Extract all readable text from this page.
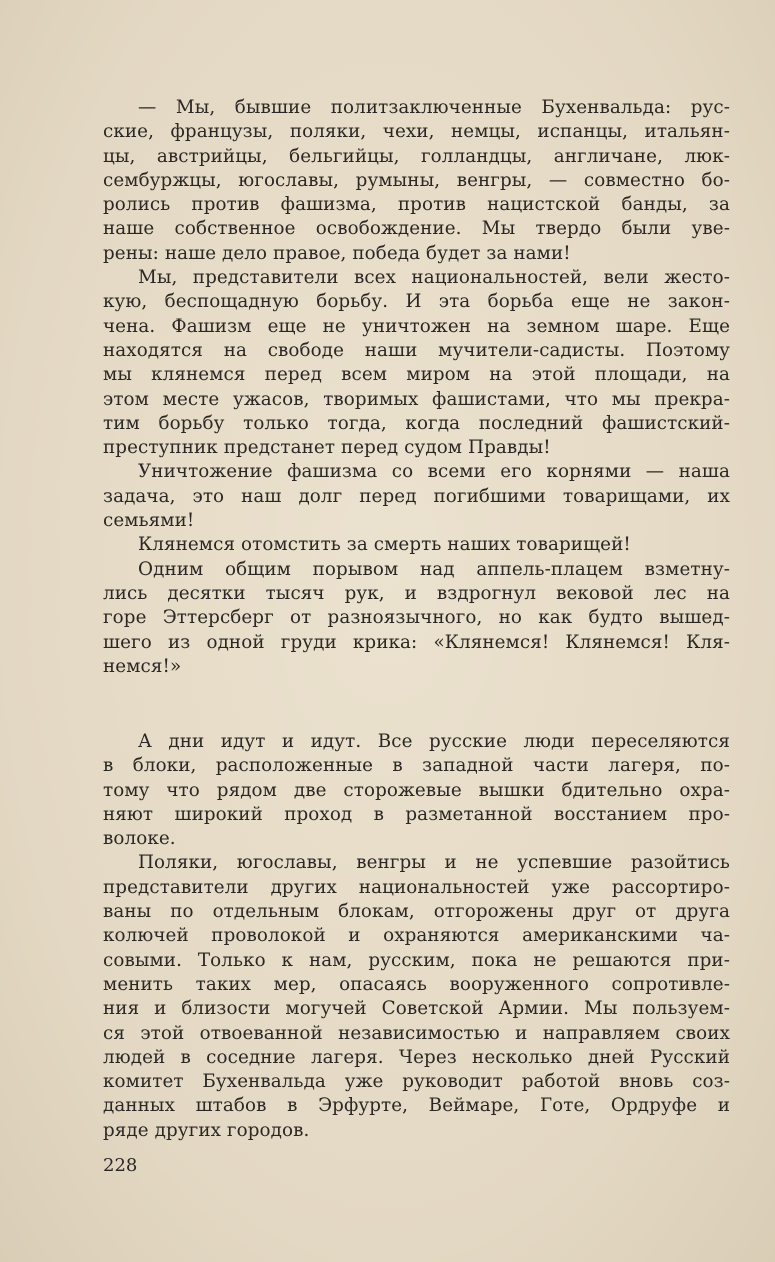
— Мы, бывшие политзаключенные Бухенвальда: рус-
ские, французы, поляки, чехи, немцы, испанцы, итальян-
цы, австрийцы, бельгийцы, голландцы, англичане, люк-
сембуржцы, югославы, румыны, венгры, — совместно бо-
ролись против фашизма, против нацистской банды, за
наше собственное освобождение. Мы твердо были уве-
рены: наше дело правое, победа будет за нами!
Мы, представители всех национальностей, вели жесто-
кую, беспощадную борьбу. И эта борьба еще не закон-
чена. Фашизм еще не уничтожен на земном шаре. Еще
находятся на свободе наши мучители-садисты. Поэтому
мы клянемся перед всем миром на этой площади, на
этом месте ужасов, творимых фашистами, что мы прекра-
тим борьбу только тогда, когда последний фашистский-
преступник предстанет перед судом Правды!
Уничтожение фашизма со всеми его корнями — наша
задача, это наш долг перед погибшими товарищами, их
семьями!
Клянемся отомстить за смерть наших товарищей!
Одним общим порывом над аппель-плацем взметну-
лись десятки тысяч рук, и вздрогнул вековой лес на
горе Эттерсберг от разноязычного, но как будто вышед-
шего из одной груди крика: «Клянемся! Клянемся! Кля-
немся!»
А дни идут и идут. Все русские люди переселяются
в блоки, расположенные в западной части лагеря, по-
тому что рядом две сторожевые вышки бдительно охра-
няют широкий проход в разметанной восстанием про-
волоке.
Поляки, югославы, венгры и не успевшие разойтись
представители других национальностей уже рассортиро-
ваны по отдельным блокам, отгорожены друг от друга
колючей проволокой и охраняются американскими ча-
совыми. Только к нам, русским, пока не решаются при-
менить таких мер, опасаясь вооруженного сопротивле-
ния и близости могучей Советской Армии. Мы пользуем-
ся этой отвоеванной независимостью и направляем своих
людей в соседние лагеря. Через несколько дней Русский
комитет Бухенвальда уже руководит работой вновь соз-
данных штабов в Эрфурте, Веймаре, Готе, Ордруфе и
ряде других городов.
228
